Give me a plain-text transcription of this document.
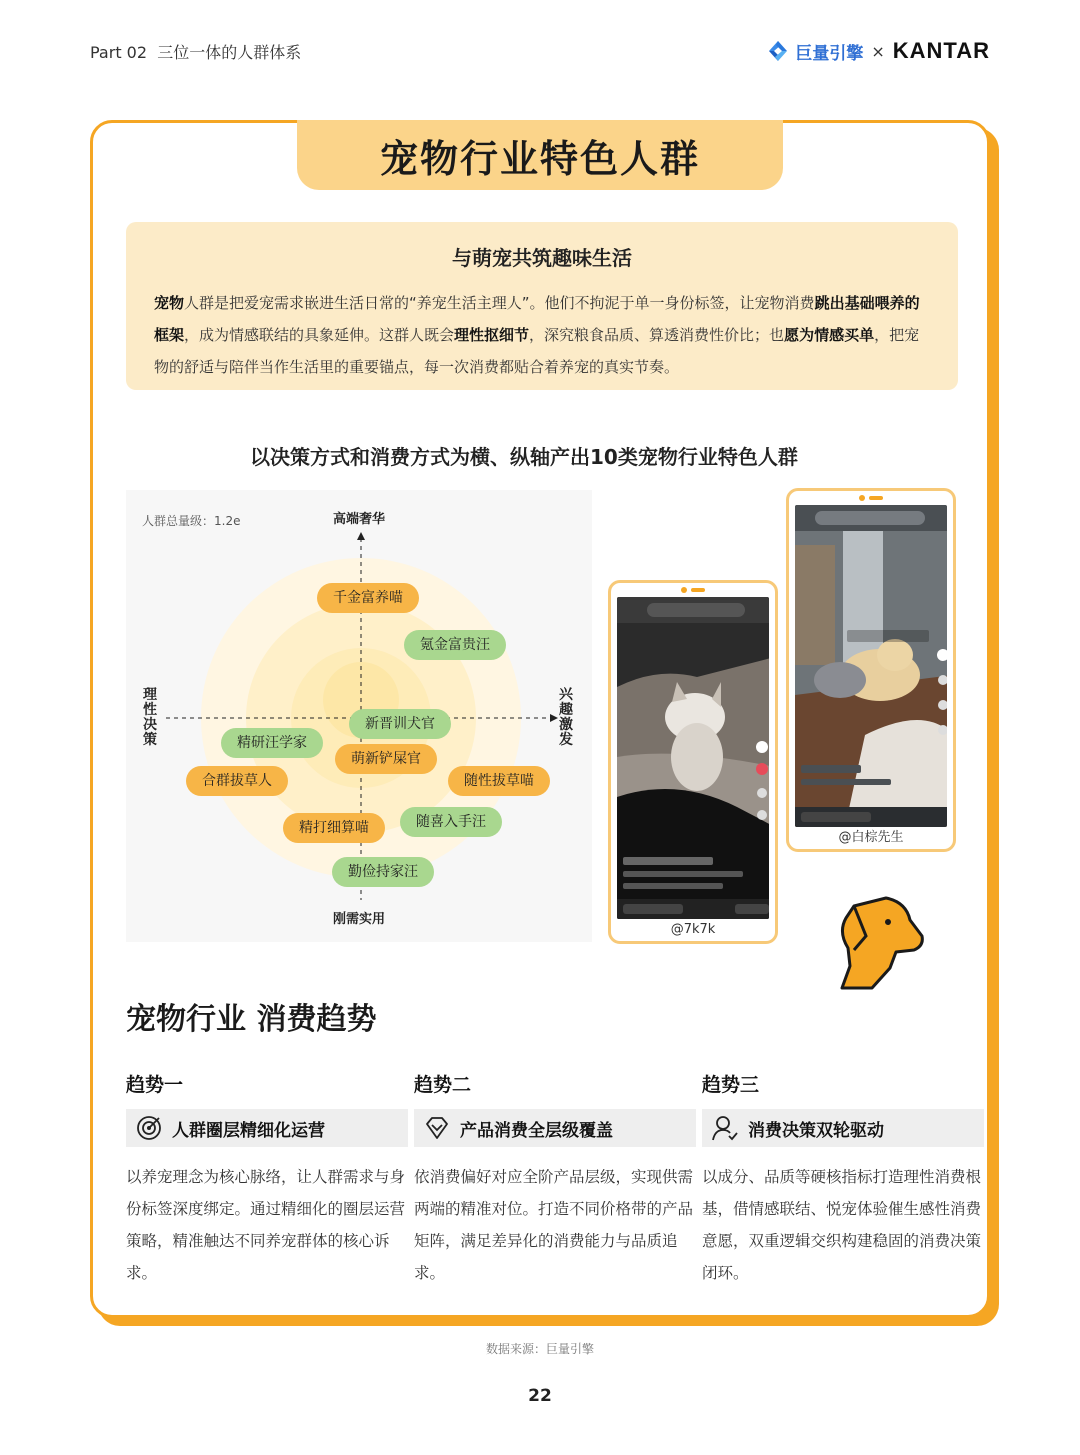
Part 02 三位一体的人群体系	巨量引擎 × KANTAR
宠物行业特色人群
与萌宠共筑趣味生活
宠物人群是把爱宠需求嵌进生活日常的“养宠生活主理人”。他们不拘泥于单一身份标签，让宠物消费跳出基础喂养的框架，成为情感联结的具象延伸。这群人既会理性抠细节，深究粮食品质、算透消费性价比；也愿为情感买单，把宠物的舒适与陪伴当作生活里的重要锚点，每一次消费都贴合着养宠的真实节奏。
以决策方式和消费方式为横、纵轴产出10类宠物行业特色人群
人群总量级：1.2e	高端奢华
刚需实用
理
性
决
策
兴
趣
激
发
千金富养喵
氪金富贵汪
新晋训犬官
精研汪学家
萌新铲屎官
合群拔草人	随性拔草喵
精打细算喵	随喜入手汪
勤俭持家汪
@7k7k
@白棕先生
宠物行业 消费趋势
趋势一
人群圈层精细化运营
以养宠理念为核心脉络，让人群需求与身份标签深度绑定。通过精细化的圈层运营策略，精准触达不同养宠群体的核心诉求。
趋势二
产品消费全层级覆盖
依消费偏好对应全阶产品层级，实现供需两端的精准对位。打造不同价格带的产品矩阵，满足差异化的消费能力与品质追求。
趋势三
消费决策双轮驱动
以成分、品质等硬核指标打造理性消费根基，借情感联结、悦宠体验催生感性消费意愿，双重逻辑交织构建稳固的消费决策闭环。
数据来源：巨量引擎
22
